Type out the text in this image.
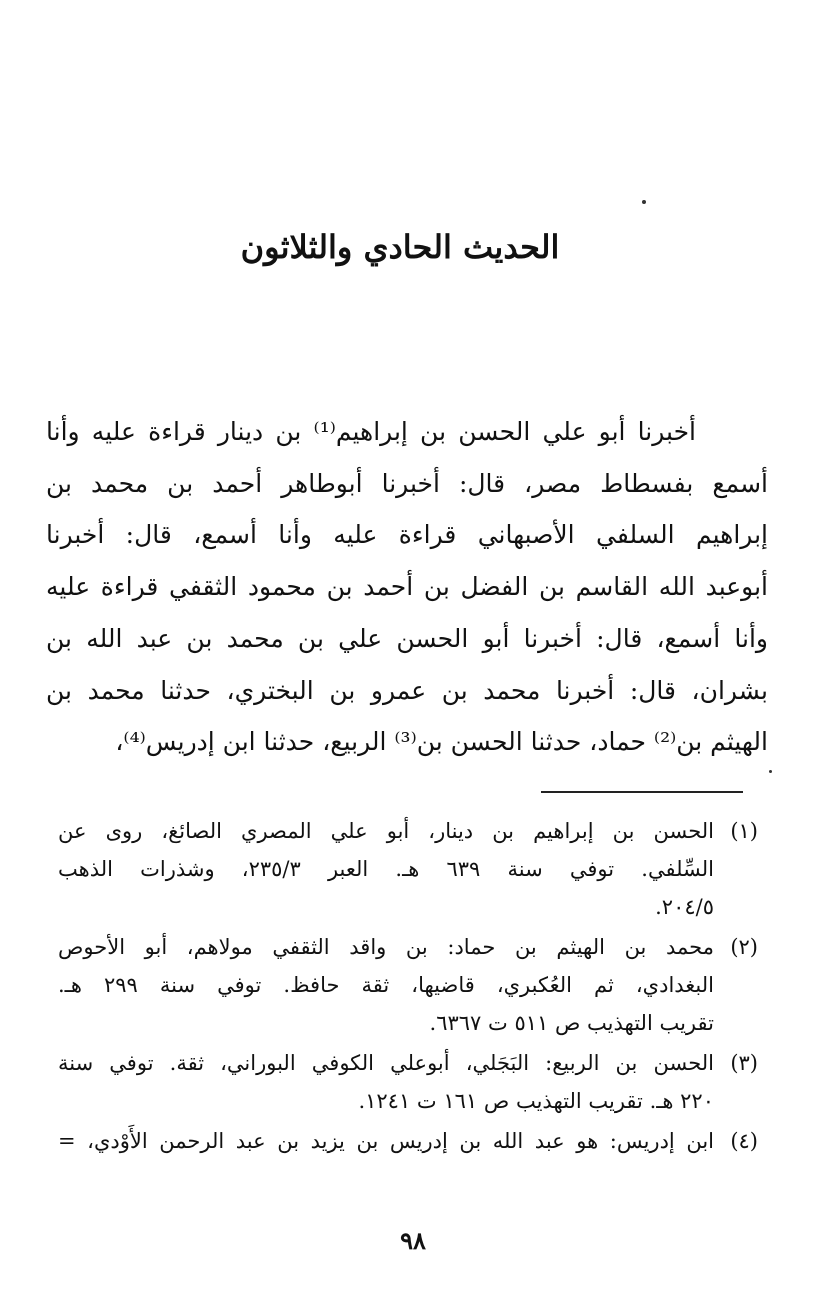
الحديث الحادي والثلاثون
أخبرنا أبو علي الحسن بن إبراهيم⁽¹⁾ بن دينار قراءة عليه وأنا
أسمع بفسطاط مصر، قال: أخبرنا أبوطاهر أحمد بن محمد بن
إبراهيم السلفي الأصبهاني قراءة عليه وأنا أسمع، قال: أخبرنا
أبوعبد الله القاسم بن الفضل بن أحمد بن محمود الثقفي قراءة عليه
وأنا أسمع، قال: أخبرنا أبو الحسن علي بن محمد بن عبد الله بن
بشران، قال: أخبرنا محمد بن عمرو بن البختري، حدثنا محمد بن
الهيثم بن⁽²⁾ حماد، حدثنا الحسن بن⁽³⁾ الربيع، حدثنا ابن إدريس⁽⁴⁾،
(١)
الحسن بن إبراهيم بن دينار، أبو علي المصري الصائغ، روى عن
السِّلفي. توفي سنة ٦٣٩ هـ. العبر ٢٣٥/٣، وشذرات الذهب
٢٠٤/٥.
(٢)
محمد بن الهيثم بن حماد: بن واقد الثقفي مولاهم، أبو الأحوص
البغدادي، ثم العُكبري، قاضيها، ثقة حافظ. توفي سنة ٢٩٩ هـ.
تقريب التهذيب ص ٥١١ ت ٦٣٦٧.
(٣)
الحسن بن الربيع: البَجَلي، أبوعلي الكوفي البوراني، ثقة. توفي سنة
٢٢٠ هـ. تقريب التهذيب ص ١٦١ ت ١٢٤١.
(٤)
ابن إدريس: هو عبد الله بن إدريس بن يزيد بن عبد الرحمن الأَوْدي، =
٩٨
